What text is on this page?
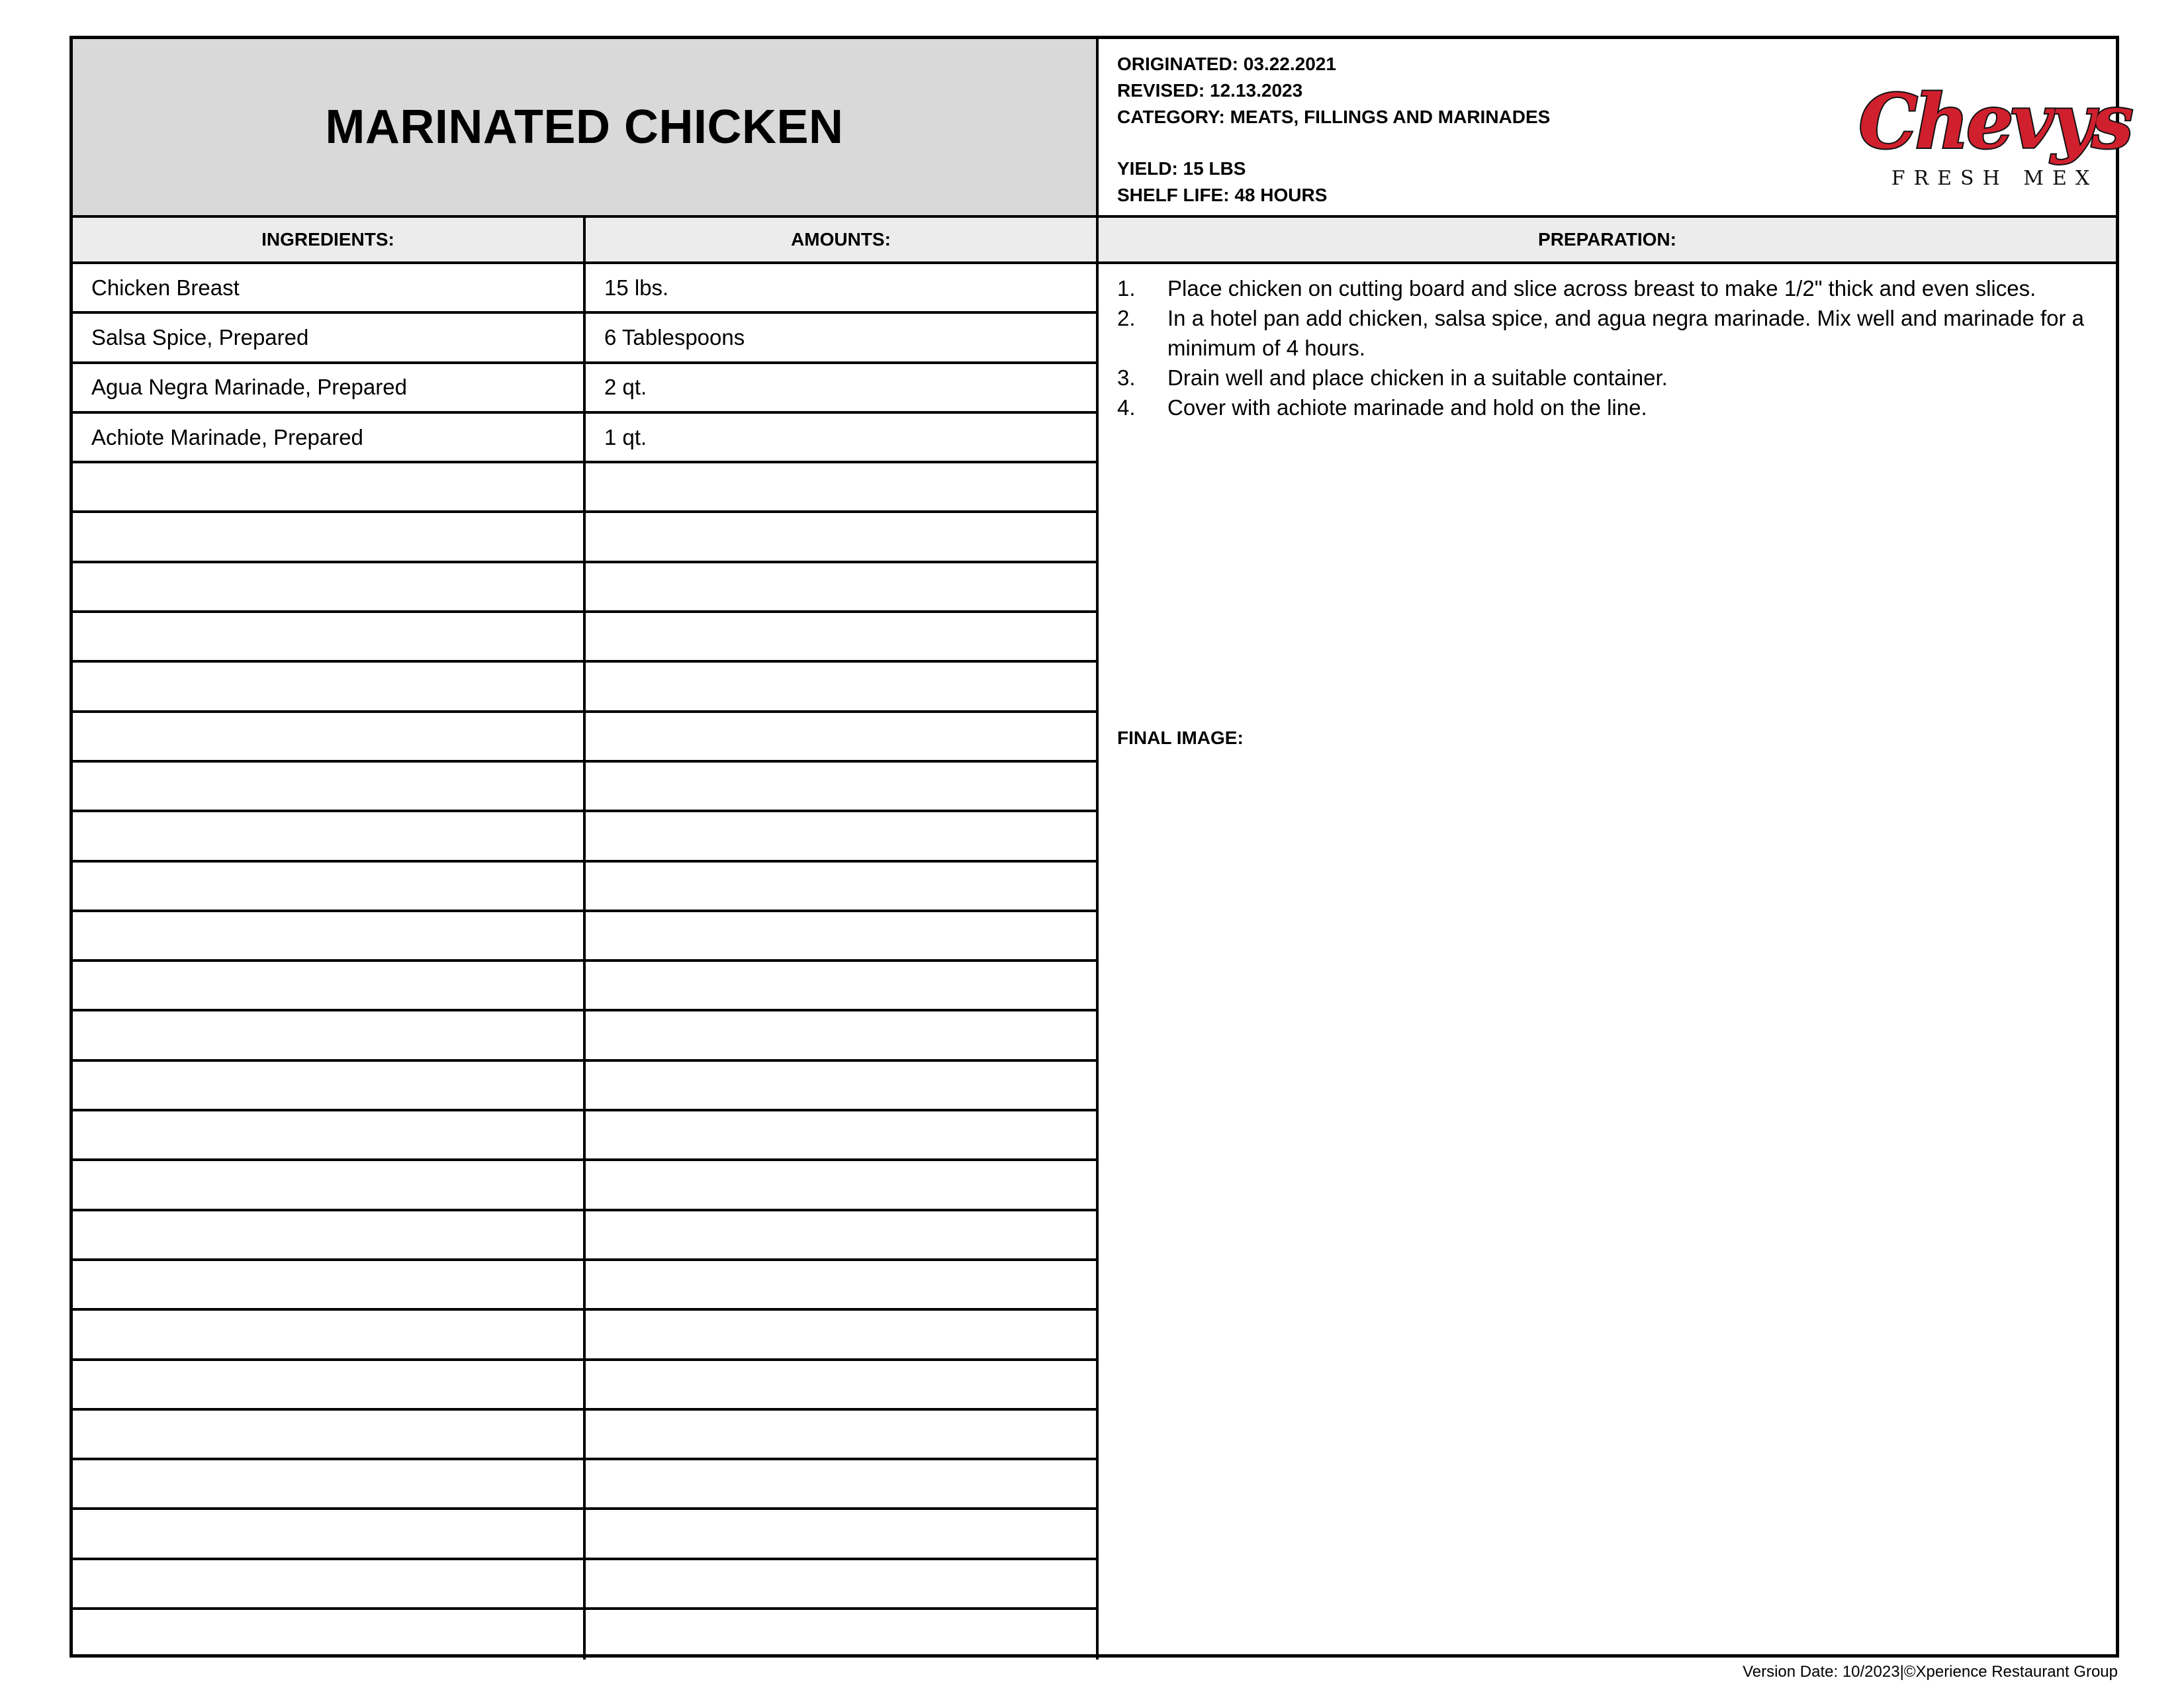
MARINATED CHICKEN
ORIGINATED: 03.22.2021
REVISED: 12.13.2023
CATEGORY: MEATS, FILLINGS AND MARINADES
YIELD: 15 LBS
SHELF LIFE: 48 HOURS
Chevys
FRESH MEX
INGREDIENTS:	AMOUNTS:	PREPARATION:
Chicken Breast	15 lbs.
Salsa Spice, Prepared	6 Tablespoons
Agua Negra Marinade, Prepared	2 qt.
Achiote Marinade, Prepared	1 qt.
1.	Place chicken on cutting board and slice across breast to make 1/2" thick and even slices.
2.	In a hotel pan add chicken, salsa spice, and agua negra marinade. Mix well and marinade for a minimum of 4 hours.
3.	Drain well and place chicken in a suitable container.
4.	Cover with achiote marinade and hold on the line.
FINAL IMAGE:
Version Date: 10/2023|©Xperience Restaurant Group
